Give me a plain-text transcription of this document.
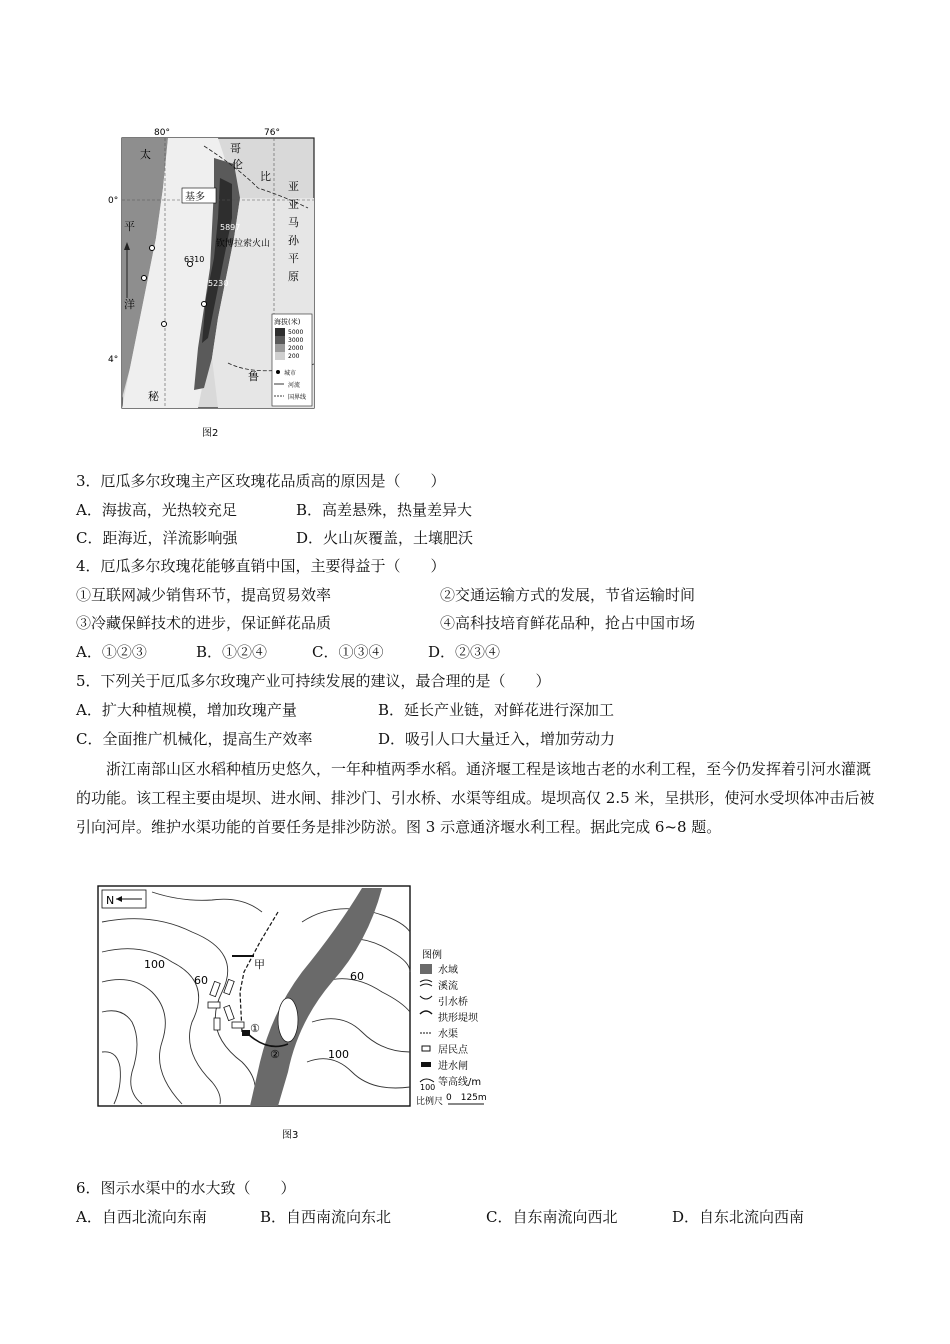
80°	76°
0°
4°
太
平
洋
哥
伦
比
亚
亚
马
孙
平
原
秘
鲁
基多
钦博拉索火山
5897
6310
5230
海拔(米)
5000
3000
2000
200
城市
河流
国界线
图2
3．厄瓜多尔玫瑰主产区玫瑰花品质高的原因是（　　）
A．海拔高，光热较充足	B．高差悬殊，热量差异大
C．距海近，洋流影响强	D．火山灰覆盖，土壤肥沃
4．厄瓜多尔玫瑰花能够直销中国，主要得益于（　　）
①互联网减少销售环节，提高贸易效率	②交通运输方式的发展，节省运输时间
③冷藏保鲜技术的进步，保证鲜花品质	④高科技培育鲜花品种，抢占中国市场
A．①②③	B．①②④	C．①③④	D．②③④
5．下列关于厄瓜多尔玫瑰产业可持续发展的建议，最合理的是（　　）
A．扩大种植规模，增加玫瑰产量	B．延长产业链，对鲜花进行深加工
C．全面推广机械化，提高生产效率	D．吸引人口大量迁入，增加劳动力
浙江南部山区水稻种植历史悠久，一年种植两季水稻。通济堰工程是该地古老的水利工程，至今仍发挥着引河水灌溉的功能。该工程主要由堤坝、进水闸、排沙门、引水桥、水渠等组成。堤坝高仅 2.5 米，呈拱形，使河水受坝体冲击后被引向河岸。维护水渠功能的首要任务是排沙防淤。图 3 示意通济堰水利工程。据此完成 6~8 题。
N
100
60	60
100
甲
①
②
图例
水域
溪流
引水桥
拱形堤坝
水渠
居民点
进水闸
100 等高线/m
比例尺 0　125m
图3
6．图示水渠中的水大致（　　）
A．自西北流向东南	B．自西南流向东北	C．自东南流向西北	D．自东北流向西南
